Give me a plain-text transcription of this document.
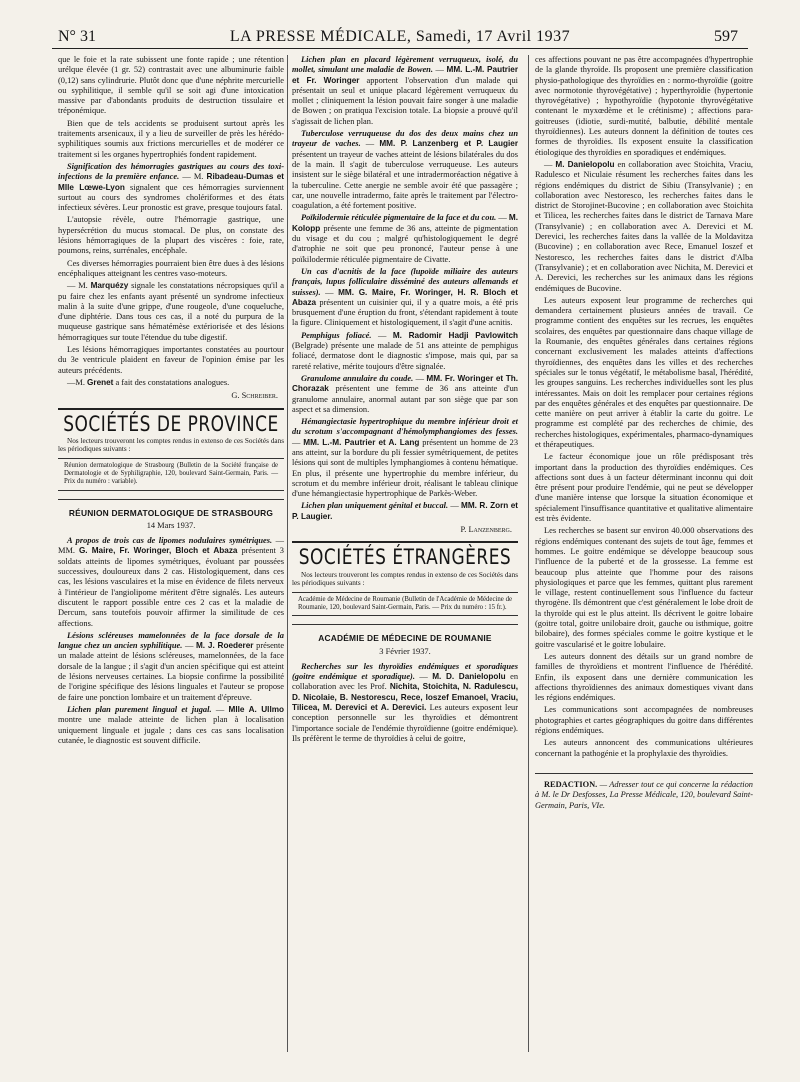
N° 31	LA PRESSE MÉDICALE, Samedi, 17 Avril 1937	597

que le foie et la rate subissent une fonte rapide ; une rétention urélque élevée (1 gr. 52) contrastait avec une albuminurie faible (0,12) sans cylindrurie. Plutôt donc que d'une néphrite mercurielle ou syphilitique, il semble qu'il se soit agi d'une intoxication massive par d'abondants produits de destruction tissulaire et tréponémique.

Bien que de tels accidents se produisent surtout après les traitements arsenicaux, il y a lieu de surveiller de près les hérédo-syphilitiques soumis aux frictions mercurielles et de modérer ce traitement si les organes hypertrophiés fondent rapidement.

Signification des hémorragies gastriques au cours des toxi-infections de la première enfance. — M. Ribadeau-Dumas et Mlle Lœwe-Lyon signalent que ces hémorragies surviennent surtout au cours des syndromes cholériformes et des états infectieux sévères. Leur pronostic est grave, presque toujours fatal.

L'autopsie révèle, outre l'hémorragie gastrique, une hypersécrétion du mucus stomacal. De plus, on constate des lésions hémorragiques de la plupart des viscères : foie, rate, poumons, reins, surrénales, encéphale.

Ces diverses hémorragies pourraient bien être dues à des lésions encéphaliques atteignant les centres vaso-moteurs.

— M. Marquézy signale les constatations nécropsiques qu'il a pu faire chez les enfants ayant présenté un syndrome infectieux malin à la suite d'une grippe, d'une rougeole, d'une coqueluche, d'une diphtérie. Dans tous ces cas, il a noté du purpura de la muqueuse gastrique sans hématémèse extériorisée et des lésions hémorragiques sur toute l'étendue du tube digestif.

Les lésions hémorragiques importantes constatées au pourtour du 3e ventricule plaident en faveur de l'opinion émise par les auteurs précédents.

—M. Grenet a fait des constatations analogues.

G. Schreiber.

SOCIÉTÉS DE PROVINCE

Nos lecteurs trouveront les comptes rendus in extenso de ces Sociétés dans les périodiques suivants :

Réunion dermatologique de Strasbourg (Bulletin de la Société française de Dermatologie et de Syphiligraphie, 120, boulevard Saint-Germain, Paris. — Prix du numéro : variable).

RÉUNION DERMATOLOGIQUE DE STRASBOURG

14 Mars 1937.

A propos de trois cas de lipomes nodulaires symétriques. — MM. G. Maire, Fr. Woringer, Bloch et Abaza présentent 3 soldats atteints de lipomes symétriques, évoluant par poussées successives, douloureux dans 2 cas. Histologiquement, dans ces cas, les lésions vasculaires et la mise en évidence de filets nerveux à l'intérieur de l'angiolipome méritent d'être signalés. Les auteurs discutent le rapport possible entre ces 2 cas et la maladie de Dercum, sans toutefois pouvoir affirmer la similitude de ces affections.

Lésions scléreuses mamelonnées de la face dorsale de la langue chez un ancien syphilitique. — M. J. Roederer présente un malade atteint de lésions scléreuses, mamelonnées, de la face dorsale de la langue ; il s'agit d'un ancien spécifique qui est atteint de lésions nerveuses certaines. La biopsie confirme la possibilité de l'origine spécifique des lésions linguales et l'auteur se propose de faire une ponction lombaire et un traitement d'épreuve.

Lichen plan purement lingual et jugal. — Mlle A. Ullmo montre une malade atteinte de lichen plan à localisation uniquement linguale et jugale ; dans ces cas sans localisation cutanée, le diagnostic est souvent difficile.

Lichen plan en placard légèrement verruqueux, isolé, du mollet, simulant une maladie de Bowen. — MM. L.-M. Pautrier et Fr. Woringer apportent l'observation d'un malade qui présentait un seul et unique placard légèrement verruqueux du mollet ; cliniquement la lésion pouvait faire songer à une maladie de Bowen ; on pratiqua l'excision totale. La biopsie a prouvé qu'il s'agissait de lichen plan.

Tuberculose verruqueuse du dos des deux mains chez un trayeur de vaches. — MM. P. Lanzenberg et P. Laugier présentent un trayeur de vaches atteint de lésions bilatérales du dos de la main. Il s'agit de tuberculose verruqueuse. Les auteurs insistent sur le siège bilatéral et une intradermoréaction négative à la tuberculine. Cette anergie ne semble avoir été que passagère ; car, une nouvelle intradermo, faite après le traitement par l'électro-coagulation, a été fortement positive.

Poïkilodermie réticulée pigmentaire de la face et du cou. — M. Kolopp présente une femme de 36 ans, atteinte de pigmentation du visage et du cou ; malgré qu'histologiquement le degré d'atrophie ne soit que peu prononcé, l'auteur pense à une poïkilodermie réticulée pigmentaire de Civatte.

Un cas d'acnitis de la face (lupoïde miliaire des auteurs français, lupus folliculaire disséminé des auteurs allemands et suisses). — MM. G. Maire, Fr. Woringer, H. R. Bloch et Abaza présentent un cuisinier qui, il y a quatre mois, a été pris brusquement d'une éruption du front, s'étendant rapidement à toute la figure. Cliniquement et histologiquement, il s'agit d'une acnitis.

Pemphigus foliacé. — M. Radomir Hadji Pavlowitch (Belgrade) présente une malade de 51 ans atteinte de pemphigus foliacé, dermatose dont le diagnostic s'impose, mais qui, par sa rareté relative, mérite toujours d'être signalée.

Granulome annulaire du coude. — MM. Fr. Woringer et Th. Chorazak présentent une femme de 36 ans atteinte d'un granulome annulaire, anormal autant par son siège que par son aspect et sa dimension.

Hémangiectasie hypertrophique du membre inférieur droit et du scrotum s'accompagnant d'hémolymphangiomes des fesses. — MM. L.-M. Pautrier et A. Lang présentent un homme de 23 ans atteint, sur la bordure du pli fessier symétriquement, de petites lésions qui sont de multiples lymphangiomes à contenu hématique. En plus, il présente une hypertrophie du membre inférieur, du scrotum et du membre inférieur droit, réalisant le tableau clinique d'une hémangiectasie hypertrophique de Parkès-Weber.

Lichen plan uniquement génital et buccal. — MM. R. Zorn et P. Laugier.

P. Lanzenberg.

SOCIÉTÉS ÉTRANGÈRES

Nos lecteurs trouveront les comptes rendus in extenso de ces Sociétés dans les périodiques suivants :

Académie de Médecine de Roumanie (Bulletin de l'Académie de Médecine de Roumanie, 120, boulevard Saint-Germain, Paris. — Prix du numéro : 15 fr.).

ACADÉMIE DE MÉDECINE DE ROUMANIE

3 Février 1937.

Recherches sur les thyroïdies endémiques et sporadiques (goitre endémique et sporadique). — M. D. Danielopolu en collaboration avec les Prof. Nichita, Stoichita, N. Radulescu, D. Nicolaie, B. Nestorescu, Rece, Ioszef Emanoel, Vraciu, Tilicea, M. Derevici et A. Derevici. Les auteurs exposent leur conception personnelle sur les thyroïdies et démontrent l'importance sociale de l'endémie thyroïdienne (goitre endémique). Ils préfèrent le terme de thyroïdies à celui de goitre,

ces affections pouvant ne pas être accompagnées d'hypertrophie de la glande thyroïde. Ils proposent une première classification physio-pathologique des thyroïdies en : normo-thyroïdie (goitre avec normotonie thyrovégétative) ; hyperthyroïdie (hypertonie thyrovégétative) ; hypothyroïdie (hypotonie thyrovégétative contenant le myxœdème et le crétinisme) ; affections para-goitreuses (idiotie, surdi-mutité, balbutie, débilité mentale thyroïdiennes). Les auteurs donnent la définition de toutes ces formes de thyroïdies. Ils exposent ensuite la classification étiologique des thyroïdies en sporadiques et endémiques.

— M. Danielopolu en collaboration avec Stoichita, Vraciu, Radulesco et Niculaie résument les recherches faites dans les régions endémiques du district de Sibiu (Transylvanie) ; en collaboration avec Nestoresco, les recherches faites dans le district de Storojinet-Bucovine ; en collaboration avec Stoichita et Tilicea, les recherches faites dans le district de Tarnava Mare (Transylvanie) ; en collaboration avec A. Derevici et M. Derevici, les recherches faites dans la vallée de la Moldavitza (Bucovine) ; en collaboration avec Rece, Emanuel Ioszef et Nestoresco, les recherches faites dans le district d'Alba (Transylvanie) ; et en collaboration avec Nichita, M. Derevici et A. Derevici, les recherches sur les animaux dans les régions endémiques de Bucovine.

Les auteurs exposent leur programme de recherches qui demandera certainement plusieurs années de travail. Ce programme contient des enquêtes sur les recrues, les enquêtes scolaires, des enquêtes par questionnaire dans chaque village de la Roumanie, des enquêtes générales dans certaines régions concernant exclusivement les malades atteints d'affections thyroïdiennes, des enquêtes dans les villes et des recherches spéciales sur le tonus végétatif, le métabolisme basal, l'hérédité, les groupes sanguins. Les recherches individuelles sont les plus intéressantes. Mais on doit les remplacer pour certaines régions par des enquêtes générales et des enquêtes par questionnaire. De cette manière on peut arriver à établir la carte du goitre. Le programme est complété par des recherches de chimie, des recherches histologiques, expérimentales, pharmaco-dynamiques et thérapeutiques.

Le facteur économique joue un rôle prédisposant très important dans la production des thyroïdies endémiques. Ces affections sont dues à un facteur déterminant inconnu qui doit être présent pour produire l'endémie, qui ne peut se développer d'une manière intense que lorsque la situation économique et spécialement l'insuffisance quantitative et qualitative alimentaire est très évidente.

Les recherches se basent sur environ 40.000 observations des régions endémiques contenant des sujets de tout âge, femmes et hommes. Le goitre endémique se développe beaucoup sous l'influence de la puberté et de la grossesse. La femme est beaucoup plus atteinte que l'homme pour des raisons physiologiques et parce que les femmes, quittant plus rarement le village, restent continuellement sous l'influence du facteur thyrogène. Ils démontrent que c'est généralement le lobe droit de la thyroïde qui est le plus atteint. Ils décrivent le goitre lobaire (goitre total, goitre unilobaire droit, gauche ou isthmique, goitre bilobaire), des formes spéciales comme le goitre kystique et le goitre vascularisé et le goitre lobulaire.

Les auteurs donnent des détails sur un grand nombre de familles de thyroïdiens et montrent l'influence de l'hérédité. Enfin, ils exposent dans une dernière communication les affections thyroïdiennes des animaux domestiques vivant dans les régions endémiques.

Les communications sont accompagnées de nombreuses photographies et cartes géographiques du goitre dans différentes régions endémiques.

Les auteurs annoncent des communications ultérieures concernant la pathogénie et la prophylaxie des thyroïdies.

REDACTION. — Adresser tout ce qui concerne la rédaction à M. le Dr Desfosses, La Presse Médicale, 120, boulevard Saint-Germain, Paris, VIe.
